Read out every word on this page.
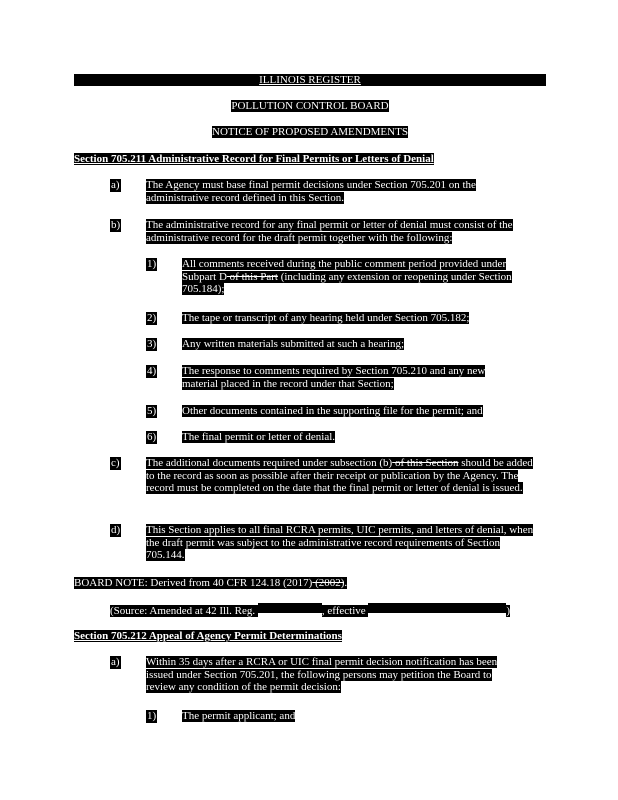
ILLINOIS REGISTER
POLLUTION CONTROL BOARD
NOTICE OF PROPOSED AMENDMENTS
Section 705.211 Administrative Record for Final Permits or Letters of Denial
a) The Agency must base final permit decisions under Section 705.201 on the administrative record defined in this Section.
b) The administrative record for any final permit or letter of denial must consist of the administrative record for the draft permit together with the following:
1) All comments received during the public comment period provided under Subpart D of this Part (including any extension or reopening under Section 705.184);
2) The tape or transcript of any hearing held under Section 705.182;
3) Any written materials submitted at such a hearing;
4) The response to comments required by Section 705.210 and any new material placed in the record under that Section;
5) Other documents contained in the supporting file for the permit; and
6) The final permit or letter of denial.
c) The additional documents required under subsection (b) of this Section should be added to the record as soon as possible after their receipt or publication by the Agency. The record must be completed on the date that the final permit or letter of denial is issued.
d) This Section applies to all final RCRA permits, UIC permits, and letters of denial, when the draft permit was subject to the administrative record requirements of Section 705.144.
BOARD NOTE: Derived from 40 CFR 124.18 (2017) (2002).
(Source: Amended at 42 Ill. Reg.	, effective	)
Section 705.212 Appeal of Agency Permit Determinations
a) Within 35 days after a RCRA or UIC final permit decision notification has been issued under Section 705.201, the following persons may petition the Board to review any condition of the permit decision:
1) The permit applicant; and
